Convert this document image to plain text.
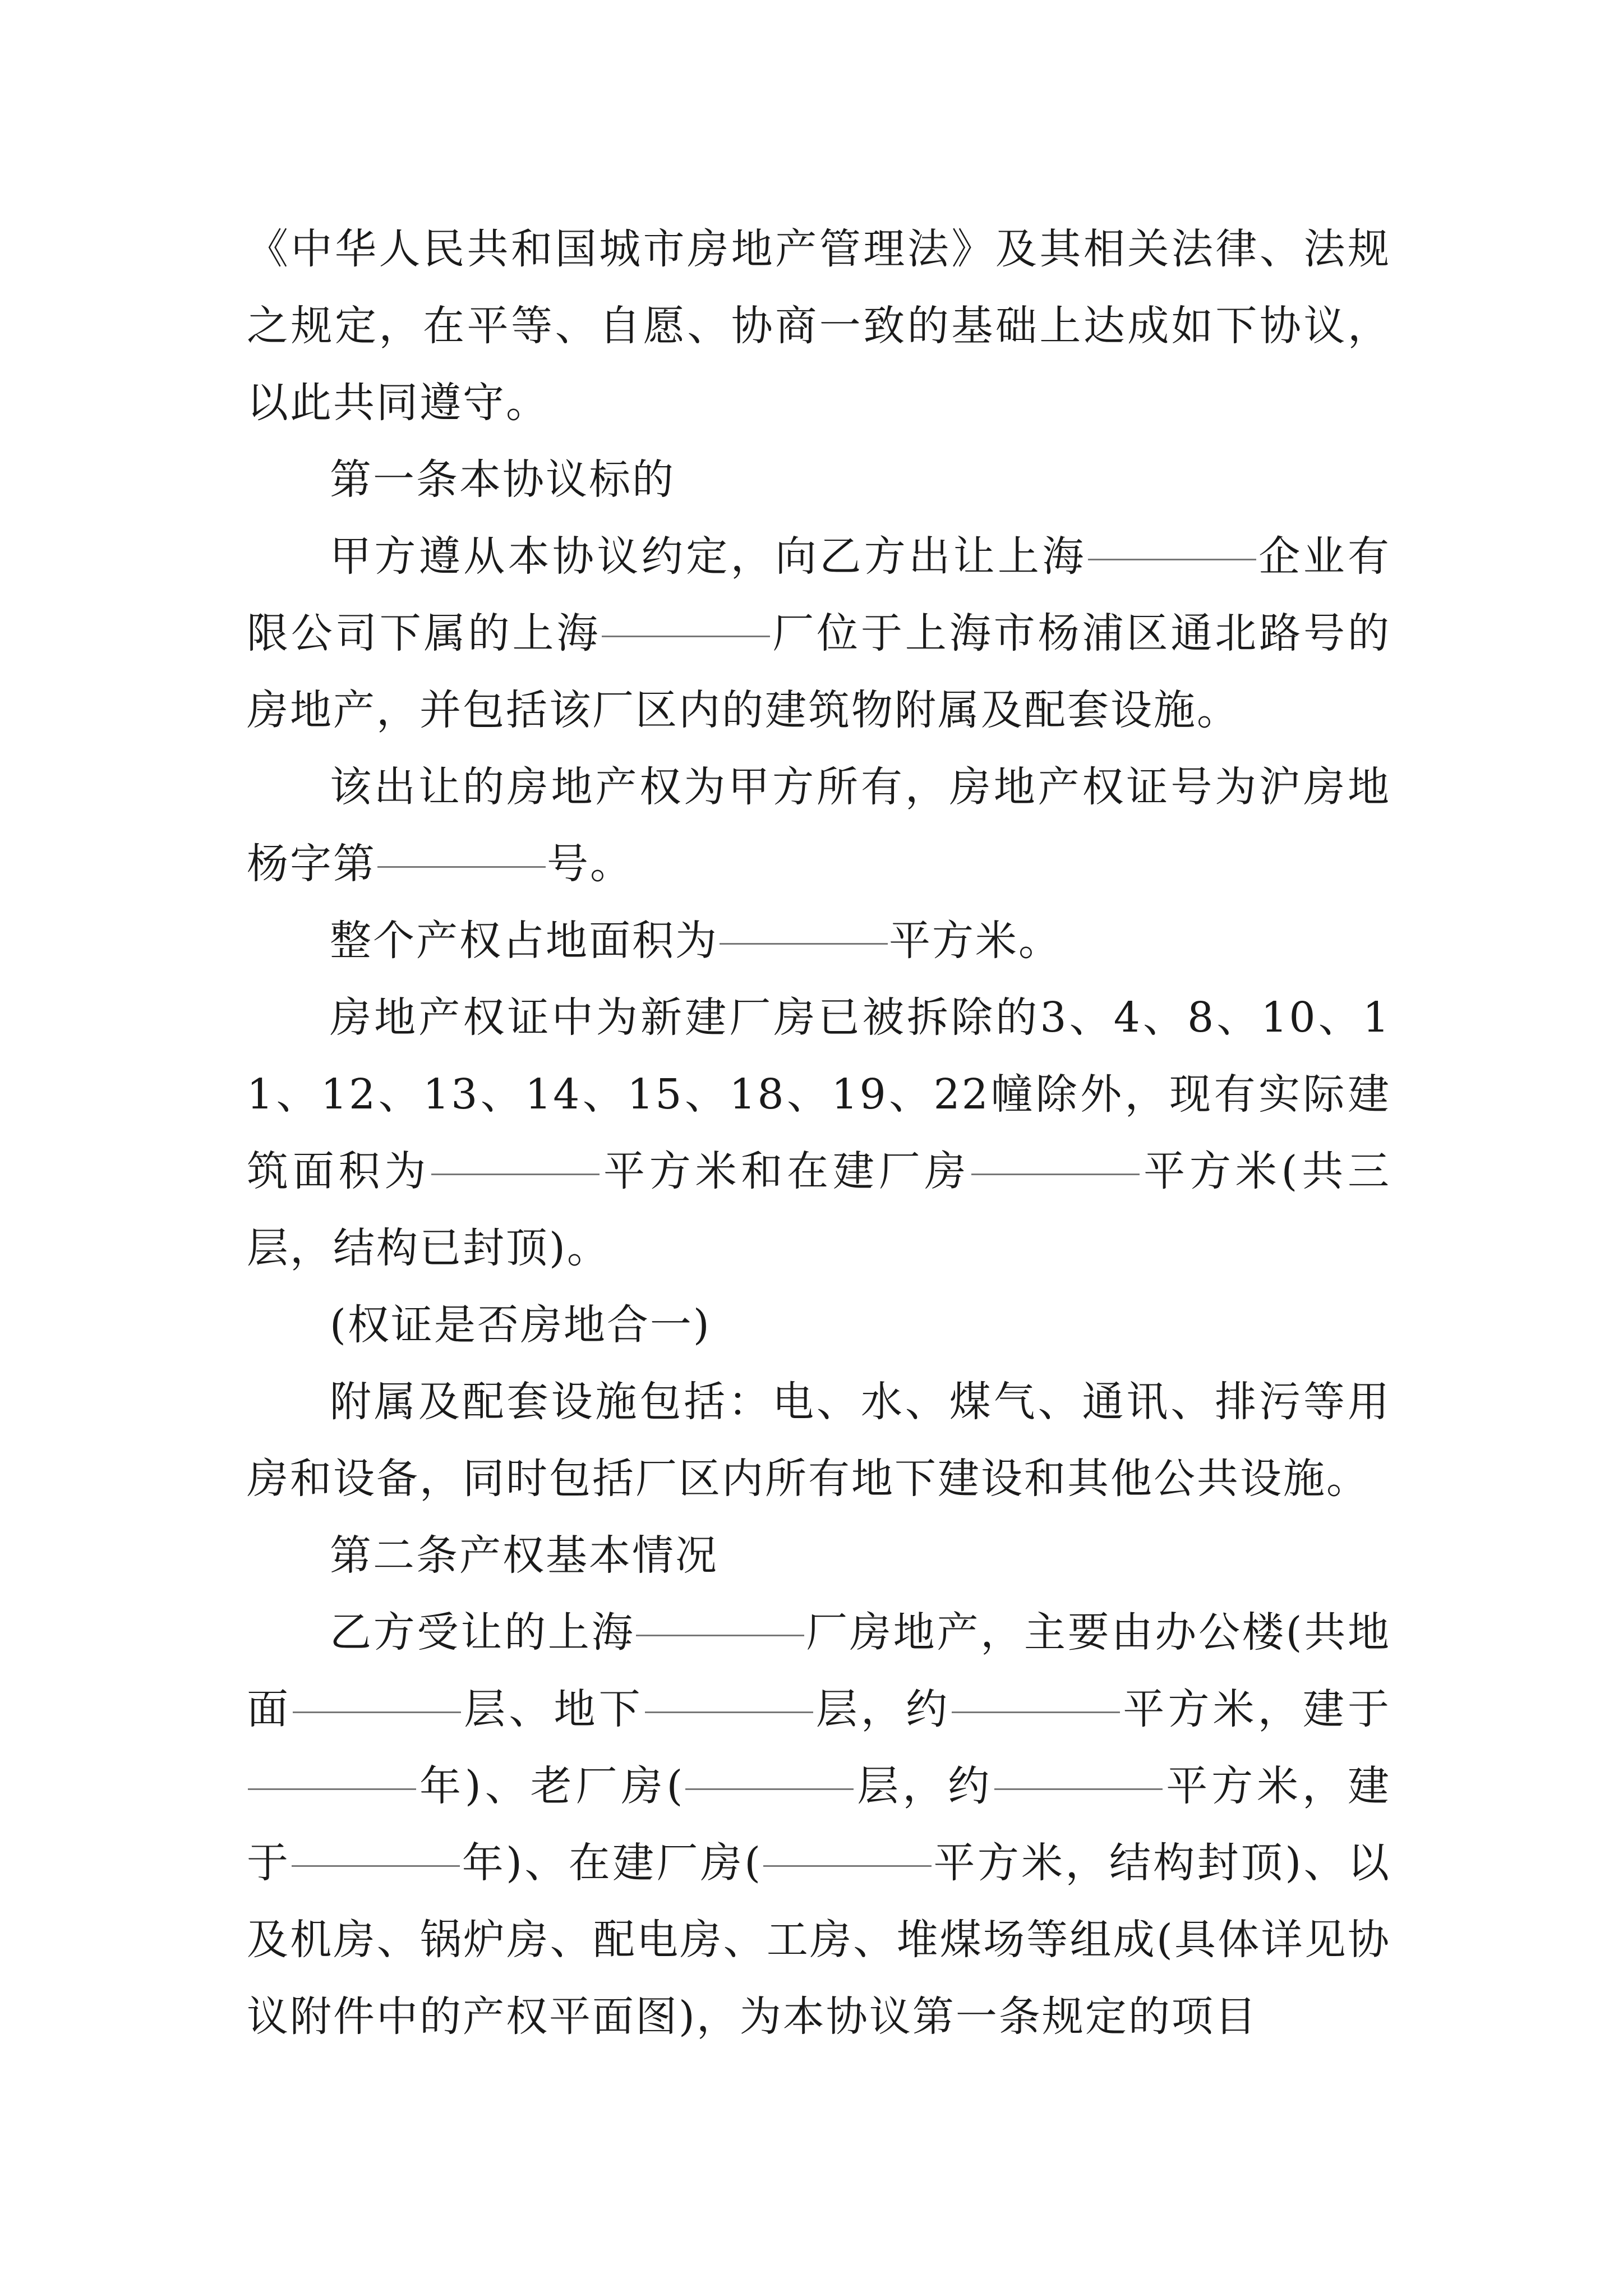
《中华人民共和国城市房地产管理法》及其相关法律、法规之规定，在平等、自愿、协商一致的基础上达成如下协议，以此共同遵守。

第一条本协议标的

甲方遵从本协议约定，向乙方出让上海	企业有限公司下属的上海	厂位于上海市杨浦区通北路号的房地产，并包括该厂区内的建筑物附属及配套设施。

该出让的房地产权为甲方所有，房地产权证号为沪房地杨字第	号。

整个产权占地面积为	平方米。

房地产权证中为新建厂房已被拆除的3、4、8、10、11、12、13、14、15、18、19、22幢除外，现有实际建筑面积为	平方米和在建厂房	平方米(共三层，结构已封顶)。

(权证是否房地合一)

附属及配套设施包括：电、水、煤气、通讯、排污等用房和设备，同时包括厂区内所有地下建设和其他公共设施。

第二条产权基本情况

乙方受让的上海	厂房地产，主要由办公楼(共地面	层、地下	层，约	平方米，建于年)、老厂房(	层，约	平方米，建于	年)、在建厂房(	平方米，结构封顶)、以及机房、锅炉房、配电房、工房、堆煤场等组成(具体详见协议附件中的产权平面图)，为本协议第一条规定的项目
